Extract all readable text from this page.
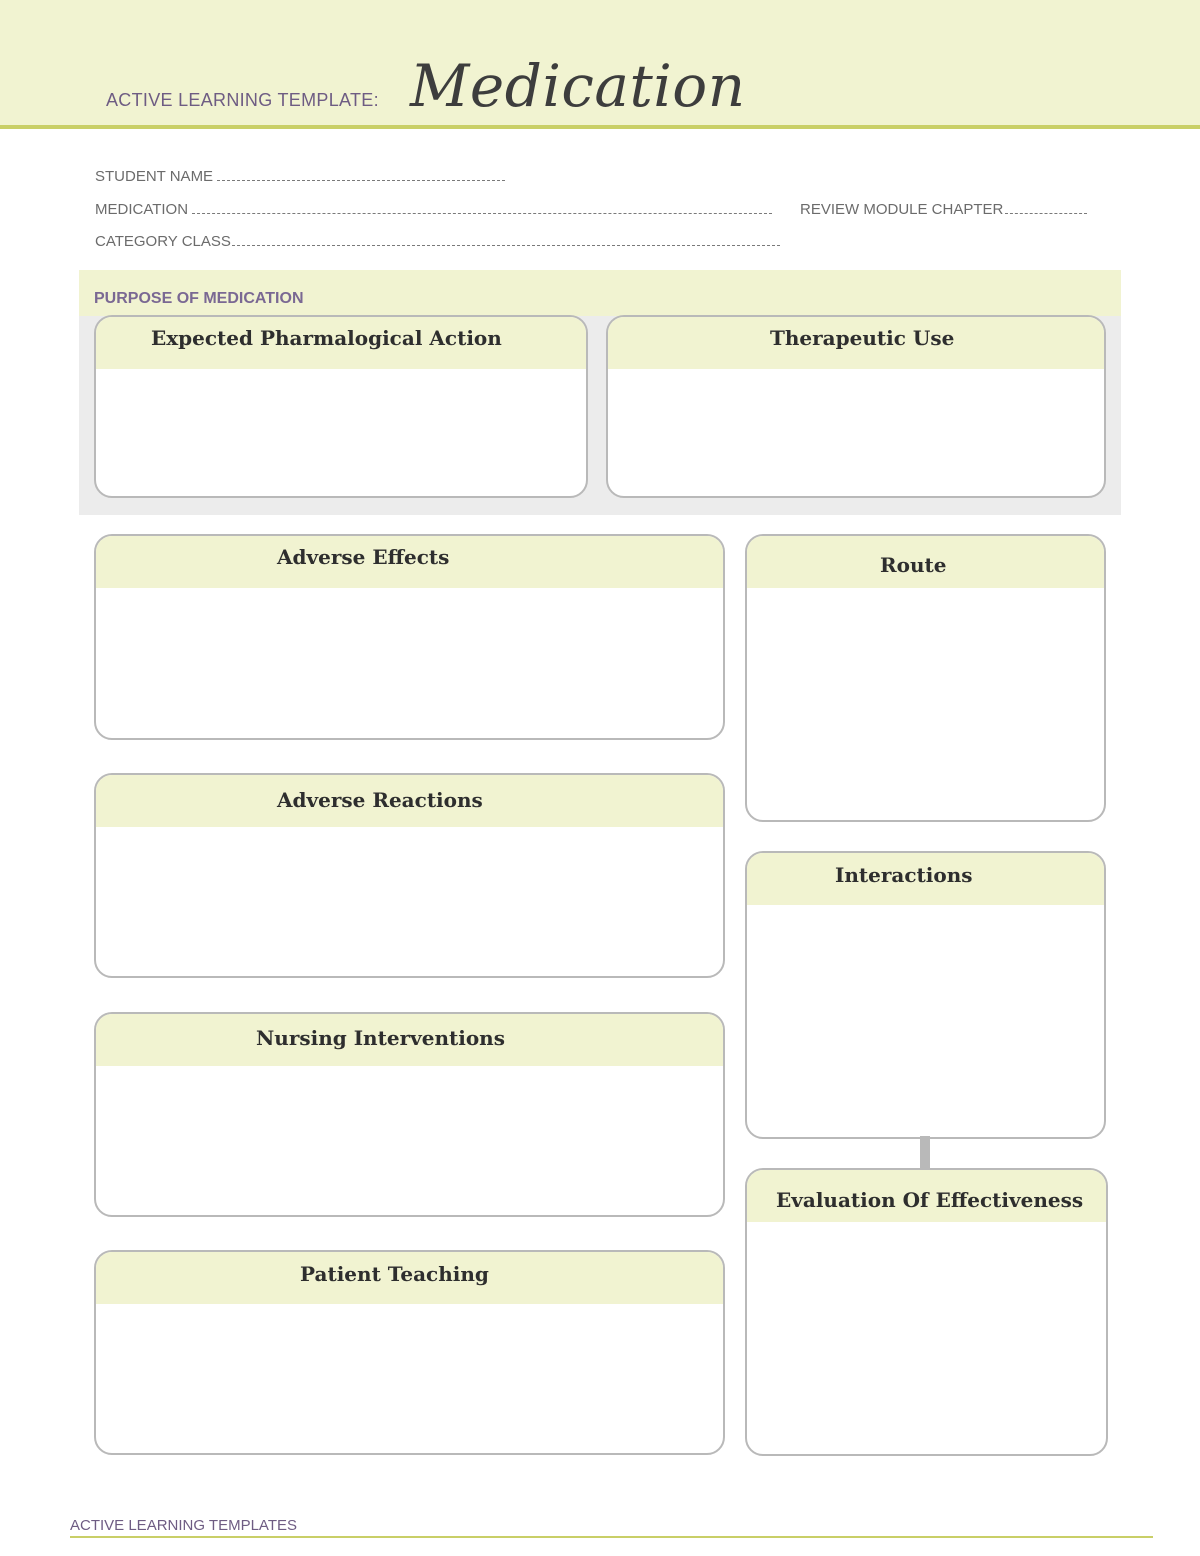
ACTIVE LEARNING TEMPLATE: Medication
STUDENT NAME
MEDICATION	REVIEW MODULE CHAPTER
CATEGORY CLASS
PURPOSE OF MEDICATION
Expected Pharmalogical Action	Therapeutic Use
Adverse Effects
Adverse Reactions
Nursing Interventions
Patient Teaching
Route
Interactions
Evaluation Of Effectiveness
ACTIVE LEARNING TEMPLATES
